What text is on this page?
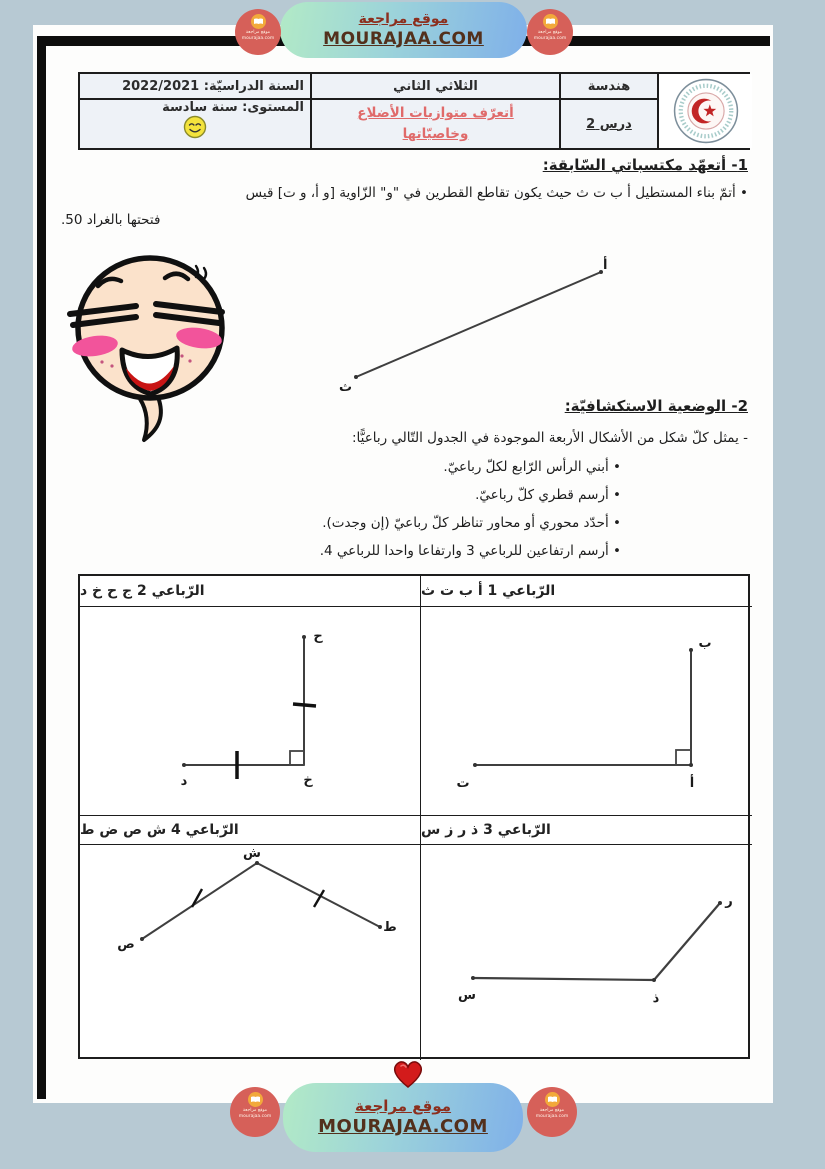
السنة الدراسيّة: 2022/2021
المستوى: سنة سادسة
الثلاثي الثاني
أتعرّف متوازيات الأضلاع وخاصيّاتها
هندسة
درس 2
1- أتعهّد مكتسباتي السّابقة:
• أتمّ بناء المستطيل أ ب ت ث حيث يكون تقاطع القطرين في "و" الزّاوية [و أ، و ت] قيس
فتحتها بالغراد 50.
أ
ث
2- الوضعية الاستكشافيّة:
- يمثل كلّ شكل من الأشكال الأربعة الموجودة في الجدول التّالي رباعيًّا:
• أبني الرأس الرّابع لكلّ رباعيّ.
• أرسم قطري كلّ رباعيّ.
• أحدّد محوري أو محاور تناظر كلّ رباعيّ (إن وجدت).
• أرسم ارتفاعين للرباعي 3 وارتفاعا واحدا للرباعي 4.
الرّباعي 1 أ ب ت ث
الرّباعي 2 ج ح خ د
ب
أ
ت
ح
خ
د
الرّباعي 3 ذ ر ز س
الرّباعي 4 ش ص ض ط
س	ذ
ر
ص
ش
ط
موقع مراجعة
MOURAJAA.COM
موقع مراجعة
mourajaa.com
موقع مراجعة
mourajaa.com
موقع مراجعة
MOURAJAA.COM
موقع مراجعة
mourajaa.com
موقع مراجعة
mourajaa.com
